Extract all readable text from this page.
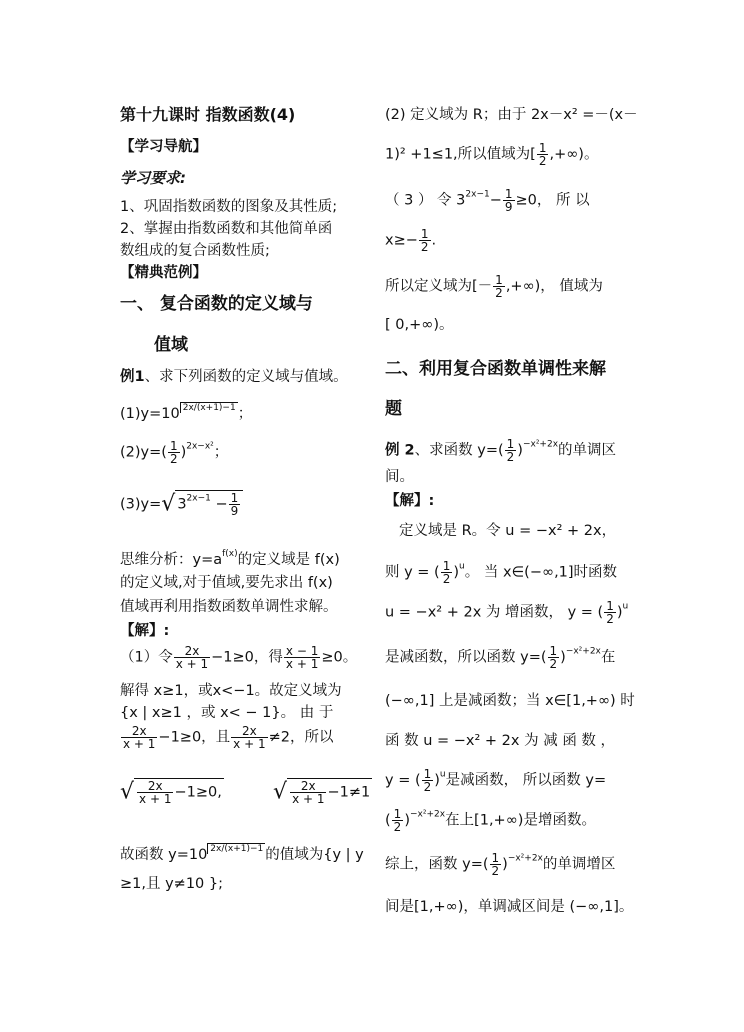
第十九课时 指数函数(4)
【学习导航】
学习要求:
1、巩固指数函数的图象及其性质;
2、掌握由指数函数和其他简单函
数组成的复合函数性质;
【精典范例】
一、 复合函数的定义域与
值域
例1、求下列函数的定义域与值域。
(1)y=10 $^{2x/(x+1)-1}$ ；
$(2)y=( \frac{1}{2} )^{2x-x^2}$；
(3)y=√ $3^{2x-1} - \frac{1}{9}$
思维分析：$y=a^{f(x)}$的定义域是 f(x)
的定义域,对于值域,要先求出 f(x)
值域再利用指数函数单调性求解。
【解】:
（1）令 $\frac{2x}{x + 1} -1\ge 0$，得 $\frac{x - 1}{x + 1} \ge 0$。
解得 x≥1，或x<−1。故定义域为
{x | x≥1 ，或 x< − 1}。 由 于
$\frac{2x}{x + 1} -1\ge 0$，且 $\frac{2x}{x + 1} \ne 2$，所以
√ $\frac{2x}{x + 1} -1\ge 0$, √ $\frac{2x}{x + 1} -1\ne 1$
故函数 y=10 $^{2x/(x+1)-1}$ 的值域为{y | y
≥1,且 y≠10 };
(2) 定义域为 R；由于 2x－x² =－(x－
1)² +1≤1,所以值域为[ $\frac{1}{2}$ ,+∞)。
（ 3 ） 令 $3^{2x-1}- \frac{1}{9} \ge 0$， 所 以
$x\ge- \frac{1}{2}$ .
所以定义域为[－ $\frac{1}{2}$ ,+∞)， 值域为
[ 0,+∞)。
二、利用复合函数单调性来解
题
例 2、求函数 $y=( \frac{1}{2} )^{-x^2+2x}$的单调区
间。
【解】:
定义域是 R。令 u = −x² + 2x，
则 y = ( $\frac{1}{2} )^u$。 当 x∈(−∞,1]时函数
u = −x² + 2x 为 增函数， y = ( $\frac{1}{2} )^u$
是减函数，所以函数 $y=( \frac{1}{2} )^{-x^2+2x}$在
(−∞,1] 上是减函数；当 x∈[1,+∞) 时
函 数 u = −x² + 2x 为 减 函 数 ，
y = ( $\frac{1}{2} )^u$是减函数， 所以函数 y=
( $\frac{1}{2} )^{-x^2+2x}$在上[1,+∞)是增函数。
综上，函数 $y=( \frac{1}{2} )^{-x^2+2x}$的单调增区
间是[1,+∞)，单调减区间是 (−∞,1]。
